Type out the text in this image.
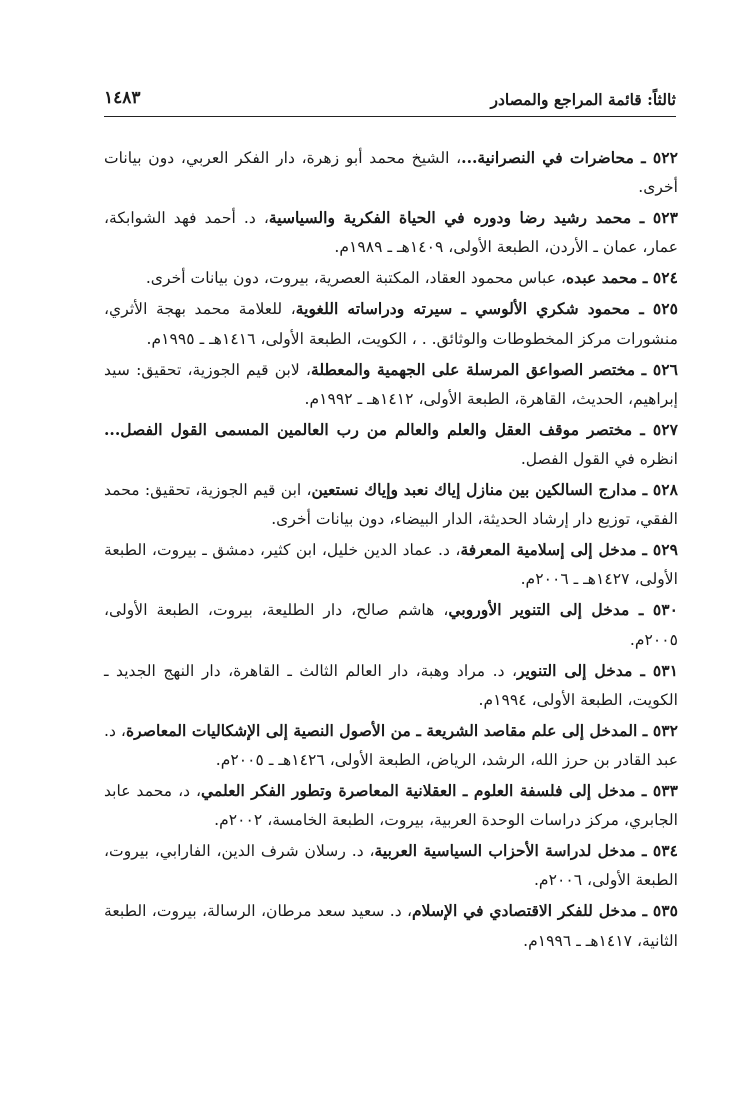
ثالثاً: قائمة المراجع والمصادر
١٤٨٣

٥٢٢ ـ محاضرات في النصرانية...، الشيخ محمد أبو زهرة، دار الفكر العربي، دون بيانات أخرى.

٥٢٣ ـ محمد رشيد رضا ودوره في الحياة الفكرية والسياسية، د. أحمد فهد الشوابكة، عمار، عمان ـ الأردن، الطبعة الأولى، ١٤٠٩هـ ـ ١٩٨٩م.

٥٢٤ ـ محمد عبده، عباس محمود العقاد، المكتبة العصرية، بيروت، دون بيانات أخرى.

٥٢٥ ـ محمود شكري الألوسي ـ سيرته ودراساته اللغوية، للعلامة محمد بهجة الأثري، منشورات مركز المخطوطات والوثائق. . ، الكويت، الطبعة الأولى، ١٤١٦هـ ـ ١٩٩٥م.

٥٢٦ ـ مختصر الصواعق المرسلة على الجهمية والمعطلة، لابن قيم الجوزية، تحقيق: سيد إبراهيم، الحديث، القاهرة، الطبعة الأولى، ١٤١٢هـ ـ ١٩٩٢م.

٥٢٧ ـ مختصر موقف العقل والعلم والعالم من رب العالمين المسمى القول الفصل... انظره في القول الفصل.

٥٢٨ ـ مدارج السالكين بين منازل إياك نعبد وإياك نستعين، ابن قيم الجوزية، تحقيق: محمد الفقي، توزيع دار إرشاد الحديثة، الدار البيضاء، دون بيانات أخرى.

٥٢٩ ـ مدخل إلى إسلامية المعرفة، د. عماد الدين خليل، ابن كثير، دمشق ـ بيروت، الطبعة الأولى، ١٤٢٧هـ ـ ٢٠٠٦م.

٥٣٠ ـ مدخل إلى التنوير الأوروبي، هاشم صالح، دار الطليعة، بيروت، الطبعة الأولى، ٢٠٠٥م.

٥٣١ ـ مدخل إلى التنوير، د. مراد وهبة، دار العالم الثالث ـ القاهرة، دار النهج الجديد ـ الكويت، الطبعة الأولى، ١٩٩٤م.

٥٣٢ ـ المدخل إلى علم مقاصد الشريعة ـ من الأصول النصية إلى الإشكاليات المعاصرة، د. عبد القادر بن حرز الله، الرشد، الرياض، الطبعة الأولى، ١٤٢٦هـ ـ ٢٠٠٥م.

٥٣٣ ـ مدخل إلى فلسفة العلوم ـ العقلانية المعاصرة وتطور الفكر العلمي، د، محمد عابد الجابري، مركز دراسات الوحدة العربية، بيروت، الطبعة الخامسة، ٢٠٠٢م.

٥٣٤ ـ مدخل لدراسة الأحزاب السياسية العربية، د. رسلان شرف الدين، الفارابي، بيروت، الطبعة الأولى، ٢٠٠٦م.

٥٣٥ ـ مدخل للفكر الاقتصادي في الإسلام، د. سعيد سعد مرطان، الرسالة، بيروت، الطبعة الثانية، ١٤١٧هـ ـ ١٩٩٦م.
